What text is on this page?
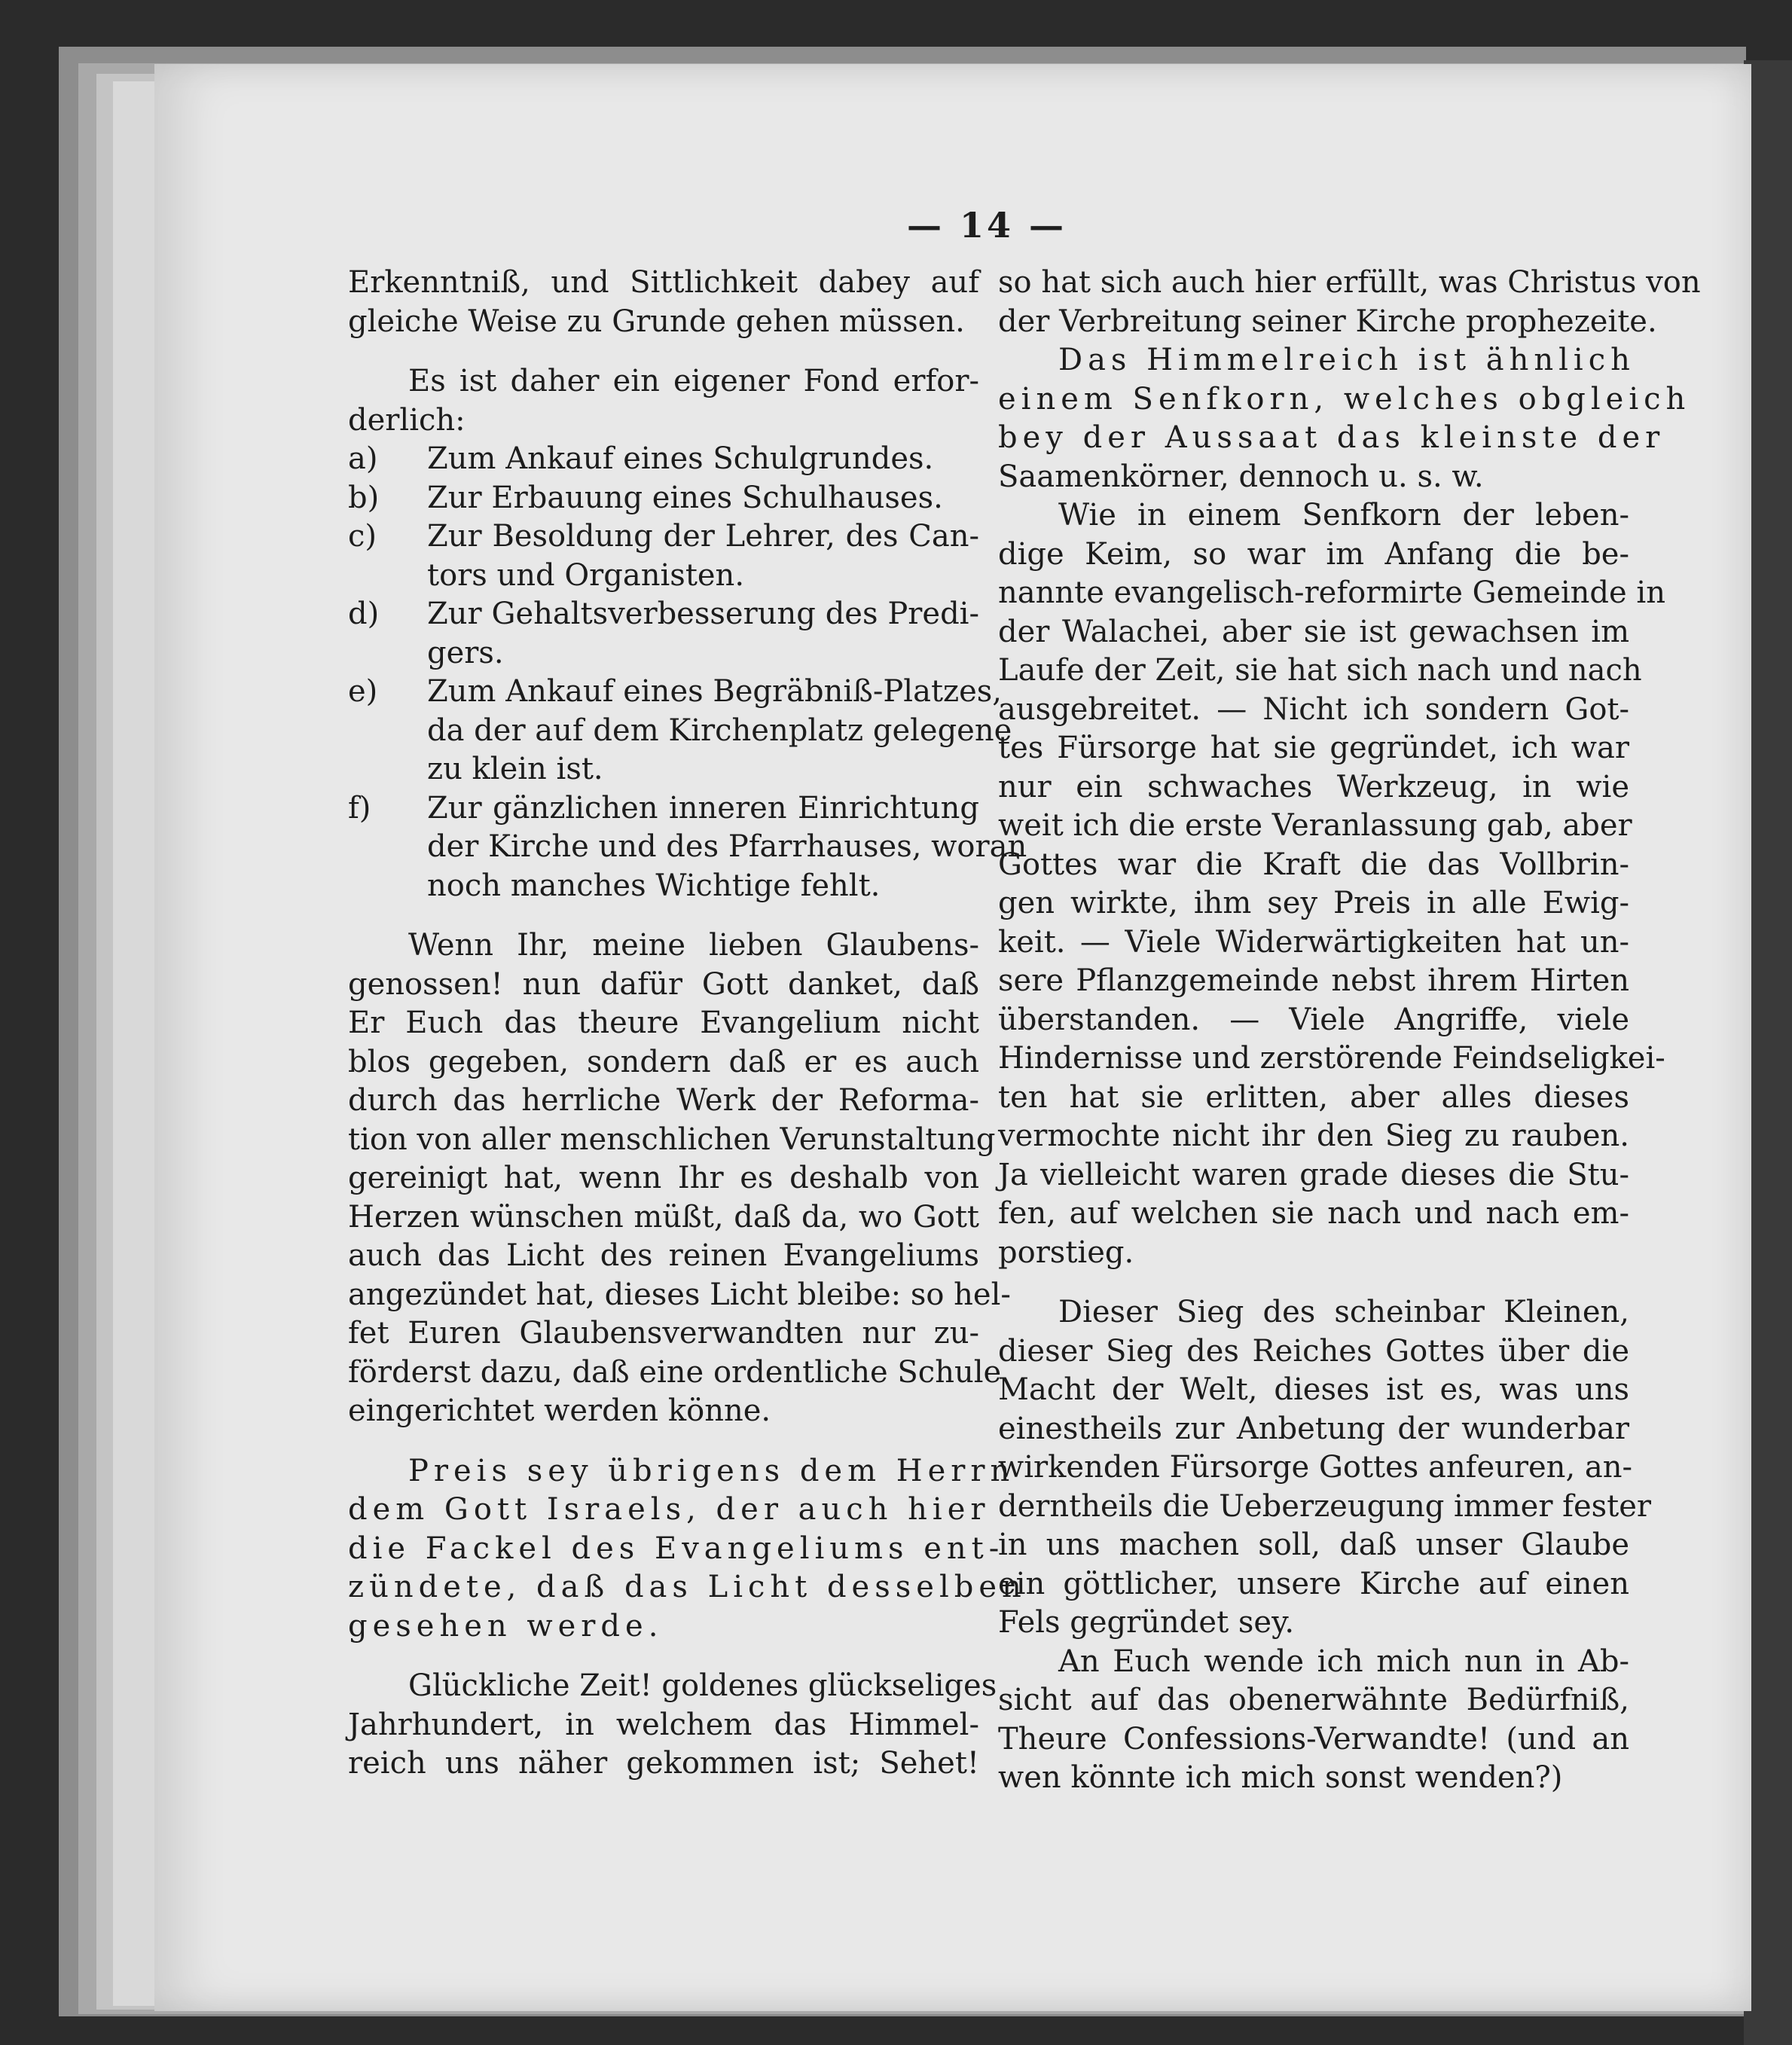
— 14 —
Erkenntniß, und Sittlichkeit dabey auf
gleiche Weise zu Grunde gehen müssen.
Es ist daher ein eigener Fond erfor-
derlich:
a) Zum Ankauf eines Schulgrundes.
b) Zur Erbauung eines Schulhauses.
c) Zur Besoldung der Lehrer, des Can-
tors und Organisten.
d) Zur Gehaltsverbesserung des Predi-
gers.
e) Zum Ankauf eines Begräbniß-Platzes,
da der auf dem Kirchenplatz gelegene
zu klein ist.
f) Zur gänzlichen inneren Einrichtung
der Kirche und des Pfarrhauses, woran
noch manches Wichtige fehlt.
Wenn Ihr, meine lieben Glaubens-
genossen! nun dafür Gott danket, daß
Er Euch das theure Evangelium nicht
blos gegeben, sondern daß er es auch
durch das herrliche Werk der Reforma-
tion von aller menschlichen Verunstaltung
gereinigt hat, wenn Ihr es deshalb von
Herzen wünschen müßt, daß da, wo Gott
auch das Licht des reinen Evangeliums
angezündet hat, dieses Licht bleibe: so hel-
fet Euren Glaubensverwandten nur zu-
förderst dazu, daß eine ordentliche Schule
eingerichtet werden könne.
Preis sey übrigens dem Herrn
dem Gott Israels, der auch hier
die Fackel des Evangeliums ent-
zündete, daß das Licht desselben
gesehen werde.
Glückliche Zeit! goldenes glückseliges
Jahrhundert, in welchem das Himmel-
reich uns näher gekommen ist; Sehet!
so hat sich auch hier erfüllt, was Christus von
der Verbreitung seiner Kirche prophezeite.
Das Himmelreich ist ähnlich
einem Senfkorn, welches obgleich
bey der Aussaat das kleinste der
Saamenkörner, dennoch u. s. w.
Wie in einem Senfkorn der leben-
dige Keim, so war im Anfang die be-
nannte evangelisch-reformirte Gemeinde in
der Walachei, aber sie ist gewachsen im
Laufe der Zeit, sie hat sich nach und nach
ausgebreitet. — Nicht ich sondern Got-
tes Fürsorge hat sie gegründet, ich war
nur ein schwaches Werkzeug, in wie
weit ich die erste Veranlassung gab, aber
Gottes war die Kraft die das Vollbrin-
gen wirkte, ihm sey Preis in alle Ewig-
keit. — Viele Widerwärtigkeiten hat un-
sere Pflanzgemeinde nebst ihrem Hirten
überstanden. — Viele Angriffe, viele
Hindernisse und zerstörende Feindseligkei-
ten hat sie erlitten, aber alles dieses
vermochte nicht ihr den Sieg zu rauben.
Ja vielleicht waren grade dieses die Stu-
fen, auf welchen sie nach und nach em-
porstieg.
Dieser Sieg des scheinbar Kleinen,
dieser Sieg des Reiches Gottes über die
Macht der Welt, dieses ist es, was uns
einestheils zur Anbetung der wunderbar
wirkenden Fürsorge Gottes anfeuren, an-
derntheils die Ueberzeugung immer fester
in uns machen soll, daß unser Glaube
ein göttlicher, unsere Kirche auf einen
Fels gegründet sey.
An Euch wende ich mich nun in Ab-
sicht auf das obenerwähnte Bedürfniß,
Theure Confessions-Verwandte! (und an
wen könnte ich mich sonst wenden?)
